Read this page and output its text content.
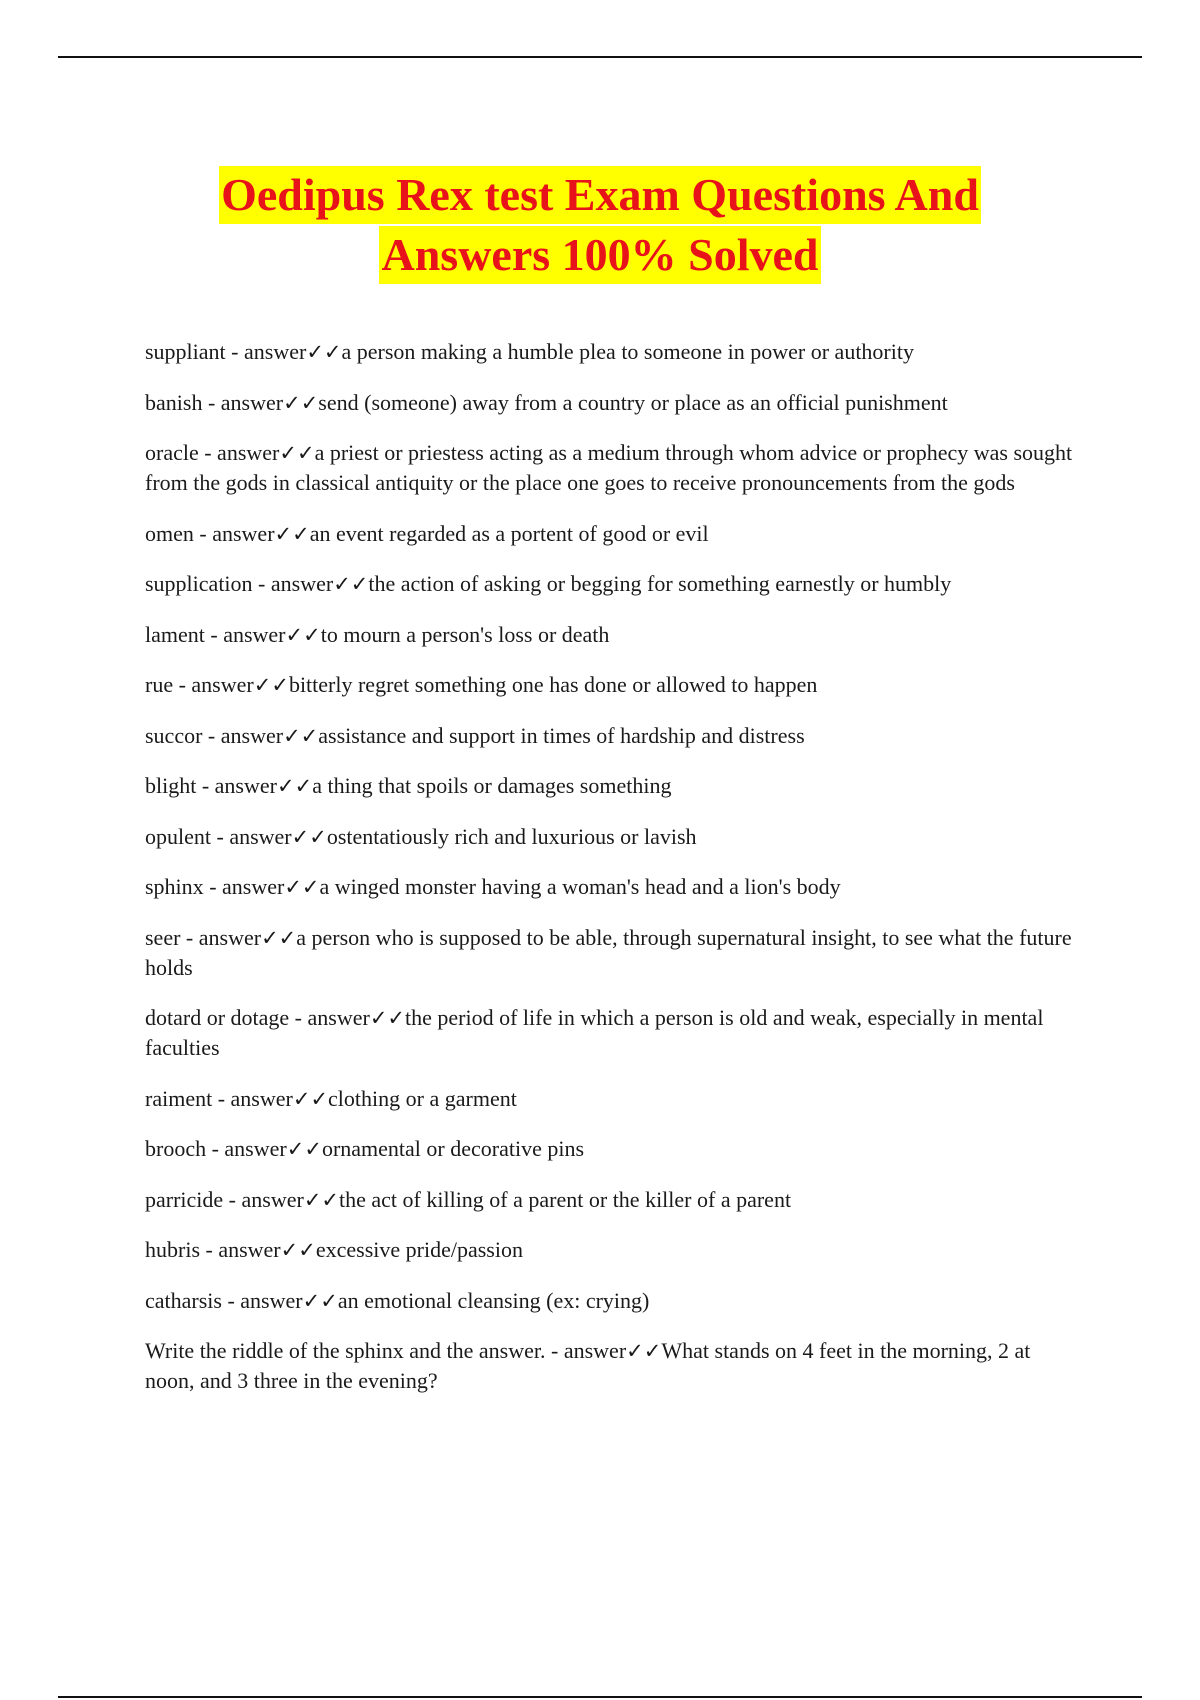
Oedipus Rex test Exam Questions And
Answers 100% Solved
suppliant - answer✓✓a person making a humble plea to someone in power or authority
banish - answer✓✓send (someone) away from a country or place as an official punishment
oracle - answer✓✓a priest or priestess acting as a medium through whom advice or prophecy was sought from the gods in classical antiquity or the place one goes to receive pronouncements from the gods
omen - answer✓✓an event regarded as a portent of good or evil
supplication - answer✓✓the action of asking or begging for something earnestly or humbly
lament - answer✓✓to mourn a person's loss or death
rue - answer✓✓bitterly regret something one has done or allowed to happen
succor - answer✓✓assistance and support in times of hardship and distress
blight - answer✓✓a thing that spoils or damages something
opulent - answer✓✓ostentatiously rich and luxurious or lavish
sphinx - answer✓✓a winged monster having a woman's head and a lion's body
seer - answer✓✓a person who is supposed to be able, through supernatural insight, to see what the future holds
dotard or dotage - answer✓✓the period of life in which a person is old and weak, especially in mental faculties
raiment - answer✓✓clothing or a garment
brooch - answer✓✓ornamental or decorative pins
parricide - answer✓✓the act of killing of a parent or the killer of a parent
hubris - answer✓✓excessive pride/passion
catharsis - answer✓✓an emotional cleansing (ex: crying)
Write the riddle of the sphinx and the answer. - answer✓✓What stands on 4 feet in the morning, 2 at noon, and 3 three in the evening?
